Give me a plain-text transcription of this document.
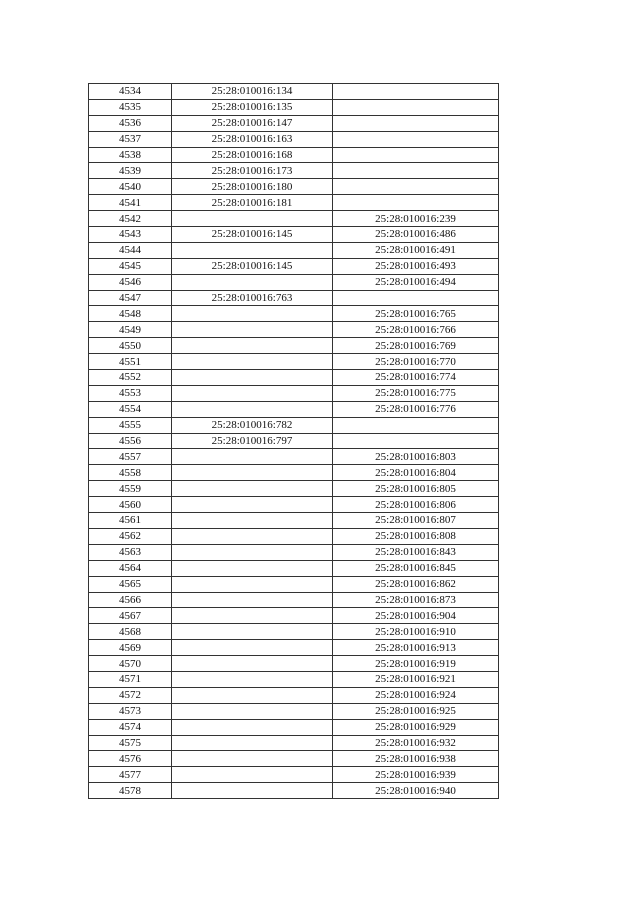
4534	25:28:010016:134	
4535	25:28:010016:135	
4536	25:28:010016:147	
4537	25:28:010016:163	
4538	25:28:010016:168	
4539	25:28:010016:173	
4540	25:28:010016:180	
4541	25:28:010016:181	
4542		25:28:010016:239
4543	25:28:010016:145	25:28:010016:486
4544		25:28:010016:491
4545	25:28:010016:145	25:28:010016:493
4546		25:28:010016:494
4547	25:28:010016:763	
4548		25:28:010016:765
4549		25:28:010016:766
4550		25:28:010016:769
4551		25:28:010016:770
4552		25:28:010016:774
4553		25:28:010016:775
4554		25:28:010016:776
4555	25:28:010016:782	
4556	25:28:010016:797	
4557		25:28:010016:803
4558		25:28:010016:804
4559		25:28:010016:805
4560		25:28:010016:806
4561		25:28:010016:807
4562		25:28:010016:808
4563		25:28:010016:843
4564		25:28:010016:845
4565		25:28:010016:862
4566		25:28:010016:873
4567		25:28:010016:904
4568		25:28:010016:910
4569		25:28:010016:913
4570		25:28:010016:919
4571		25:28:010016:921
4572		25:28:010016:924
4573		25:28:010016:925
4574		25:28:010016:929
4575		25:28:010016:932
4576		25:28:010016:938
4577		25:28:010016:939
4578		25:28:010016:940
